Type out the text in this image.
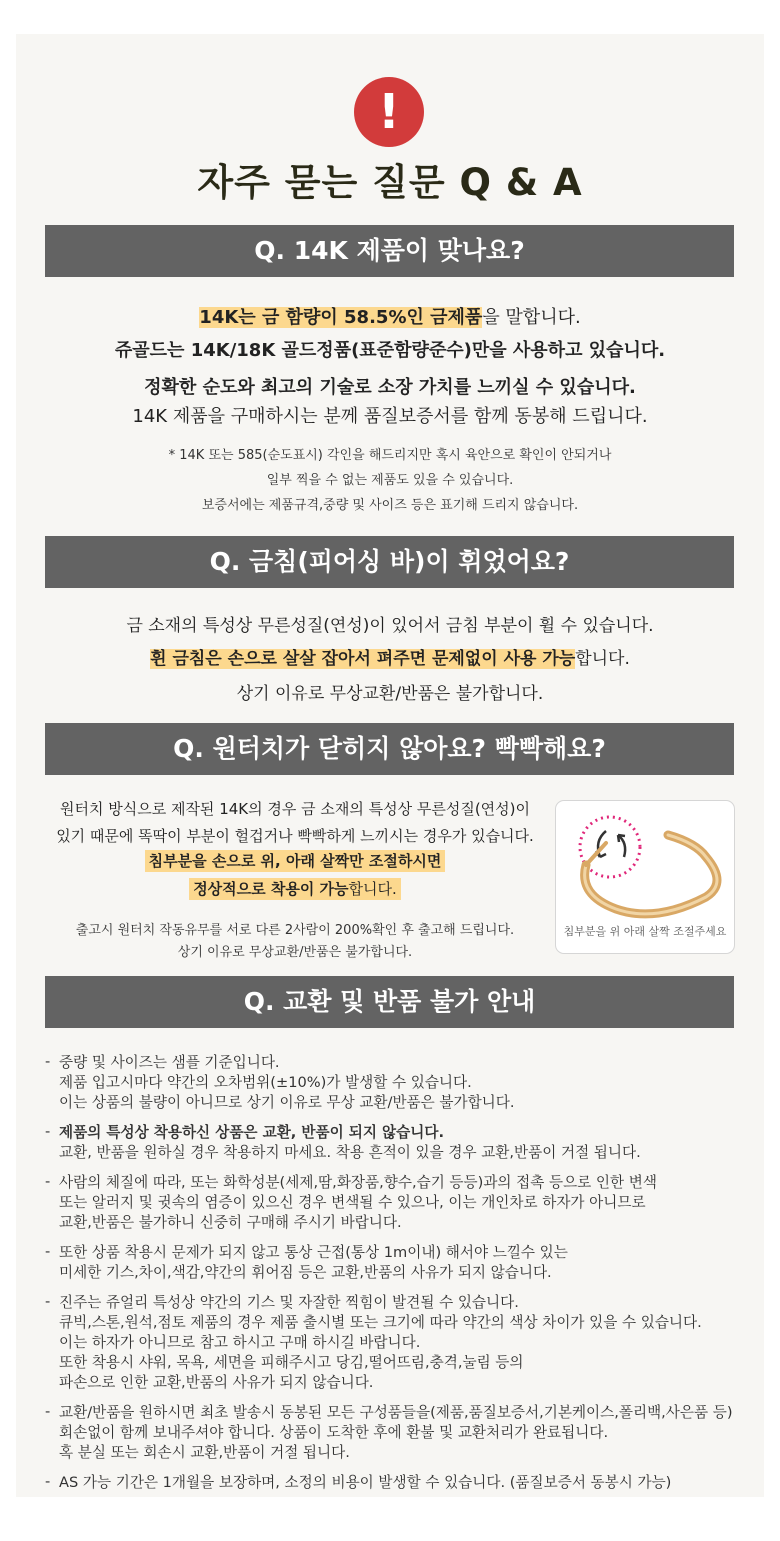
!
자주 묻는 질문 Q & A
Q. 14K 제품이 맞나요?
14K는 금 함량이 58.5%인 금제품을 말합니다.
쥬골드는 14K/18K 골드정품(표준함량준수)만을 사용하고 있습니다.
정확한 순도와 최고의 기술로 소장 가치를 느끼실 수 있습니다.
14K 제품을 구매하시는 분께 품질보증서를 함께 동봉해 드립니다.
* 14K 또는 585(순도표시) 각인을 해드리지만 혹시 육안으로 확인이 안되거나
일부 찍을 수 없는 제품도 있을 수 있습니다.
보증서에는 제품규격,중량 및 사이즈 등은 표기해 드리지 않습니다.
Q. 금침(피어싱 바)이 휘었어요?
금 소재의 특성상 무른성질(연성)이 있어서 금침 부분이 휠 수 있습니다.
휜 금침은 손으로 살살 잡아서 펴주면 문제없이 사용 가능합니다.
상기 이유로 무상교환/반품은 불가합니다.
Q. 원터치가 닫히지 않아요? 빡빡해요?
원터치 방식으로 제작된 14K의 경우 금 소재의 특성상 무른성질(연성)이
있기 때문에 똑딱이 부분이 헐겁거나 빡빡하게 느끼시는 경우가 있습니다.
침부분을 손으로 위, 아래 살짝만 조절하시면
정상적으로 착용이 가능합니다.
출고시 원터치 작동유무를 서로 다른 2사람이 200%확인 후 출고해 드립니다.
상기 이유로 무상교환/반품은 불가합니다.
침부분을 위 아래 살짝 조절주세요
Q. 교환 및 반품 불가 안내
- 중량 및 사이즈는 샘플 기준입니다.
제품 입고시마다 약간의 오차범위(±10%)가 발생할 수 있습니다.
이는 상품의 불량이 아니므로 상기 이유로 무상 교환/반품은 불가합니다.
- 제품의 특성상 착용하신 상품은 교환, 반품이 되지 않습니다.
교환, 반품을 원하실 경우 착용하지 마세요. 착용 흔적이 있을 경우 교환,반품이 거절 됩니다.
- 사람의 체질에 따라, 또는 화학성분(세제,땀,화장품,향수,습기 등등)과의 접촉 등으로 인한 변색
또는 알러지 및 귓속의 염증이 있으신 경우 변색될 수 있으나, 이는 개인차로 하자가 아니므로
교환,반품은 불가하니 신중히 구매해 주시기 바랍니다.
- 또한 상품 착용시 문제가 되지 않고 통상 근접(통상 1m이내) 해서야 느낄수 있는
미세한 기스,차이,색감,약간의 휘어짐 등은 교환,반품의 사유가 되지 않습니다.
- 진주는 쥬얼리 특성상 약간의 기스 및 자잘한 찍힘이 발견될 수 있습니다.
큐빅,스톤,원석,점토 제품의 경우 제품 출시별 또는 크기에 따라 약간의 색상 차이가 있을 수 있습니다.
이는 하자가 아니므로 참고 하시고 구매 하시길 바랍니다.
또한 착용시 샤워, 목욕, 세면을 피해주시고 당김,떨어뜨림,충격,눌림 등의
파손으로 인한 교환,반품의 사유가 되지 않습니다.
- 교환/반품을 원하시면 최초 발송시 동봉된 모든 구성품들을(제품,품질보증서,기본케이스,폴리백,사은품 등)
회손없이 함께 보내주셔야 합니다. 상품이 도착한 후에 환불 및 교환처리가 완료됩니다.
혹 분실 또는 회손시 교환,반품이 거절 됩니다.
- AS 가능 기간은 1개월을 보장하며, 소정의 비용이 발생할 수 있습니다. (품질보증서 동봉시 가능)
